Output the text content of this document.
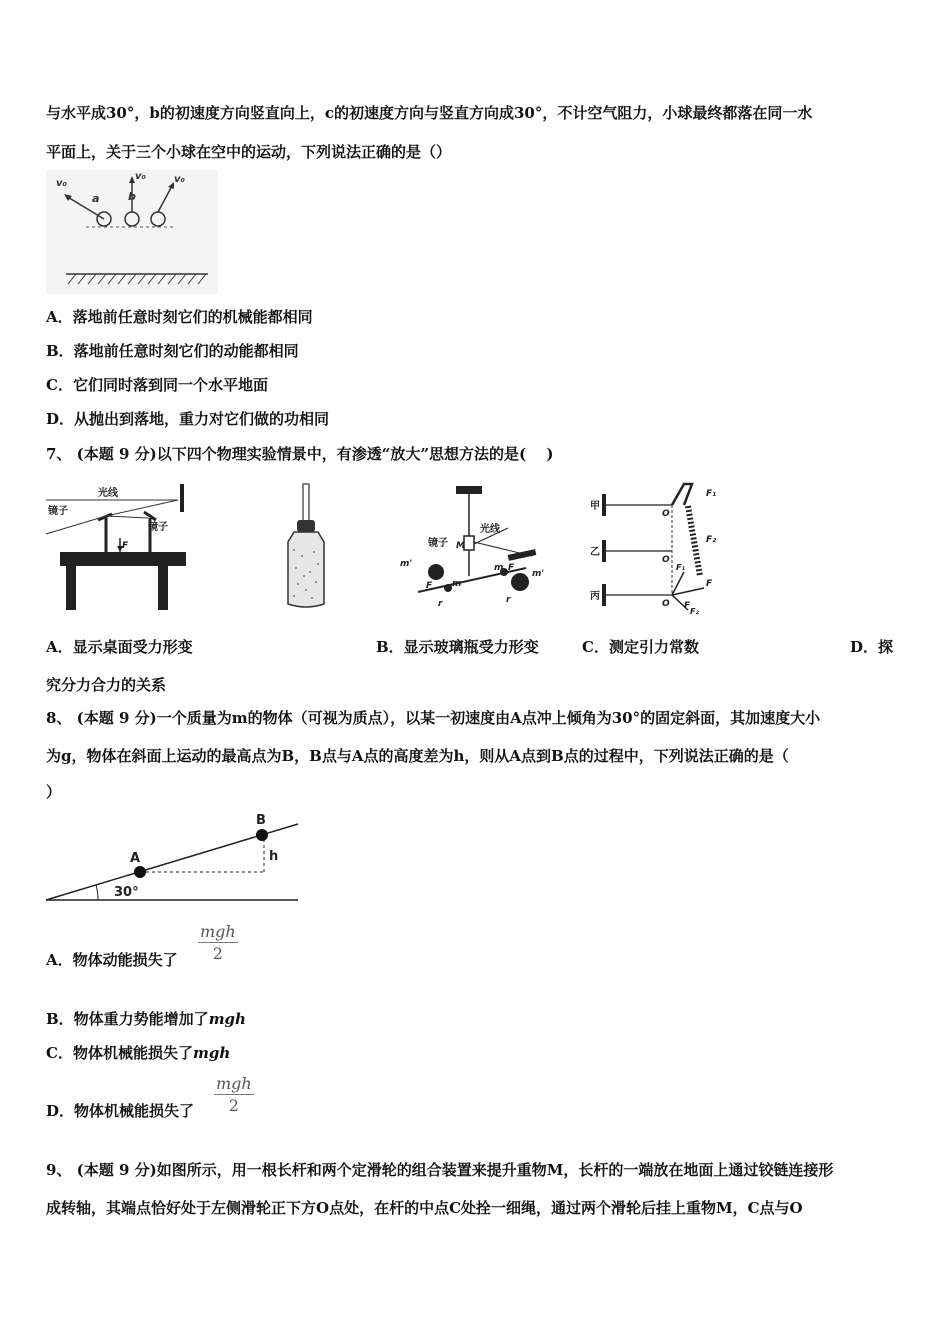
与水平成30°，b的初速度方向竖直向上，c的初速度方向与竖直方向成30°，不计空气阻力，小球最终都落在同一水
平面上，关于三个小球在空中的运动，下列说法正确的是（）
v₀
v₀	v₀
a	b
A．落地前任意时刻它们的机械能都相同
B．落地前任意时刻它们的动能都相同
C．它们同时落到同一个水平地面
D．从抛出到落地，重力对它们做的功相同
7、 (本题 9 分)以下四个物理实验情景中，有渗透“放大”思想方法的是(　 )
光线
镜子
镜子
F
光线
镜子 M
m
m'
F
F
m'
m
r	r
甲
乙
丙
O
O
O
F₁
F₂
F
F
F₁
F₂
A．显示桌面受力形变	B．显示玻璃瓶受力形变	C．测定引力常数	D．探
究分力合力的关系
8、 (本题 9 分)一个质量为m的物体（可视为质点），以某一初速度由A点冲上倾角为30°的固定斜面，其加速度大小
为g，物体在斜面上运动的最高点为B，B点与A点的高度差为h，则从A点到B点的过程中，下列说法正确的是（
）
B
A	h
30°
A．物体动能损失了
mgh
2
B．物体重力势能增加了mgh
C．物体机械能损失了mgh
D．物体机械能损失了
mgh
2
9、 (本题 9 分)如图所示，用一根长杆和两个定滑轮的组合装置来提升重物M，长杆的一端放在地面上通过铰链连接形
成转轴，其端点恰好处于左侧滑轮正下方O点处，在杆的中点C处拴一细绳，通过两个滑轮后挂上重物M，C点与O
